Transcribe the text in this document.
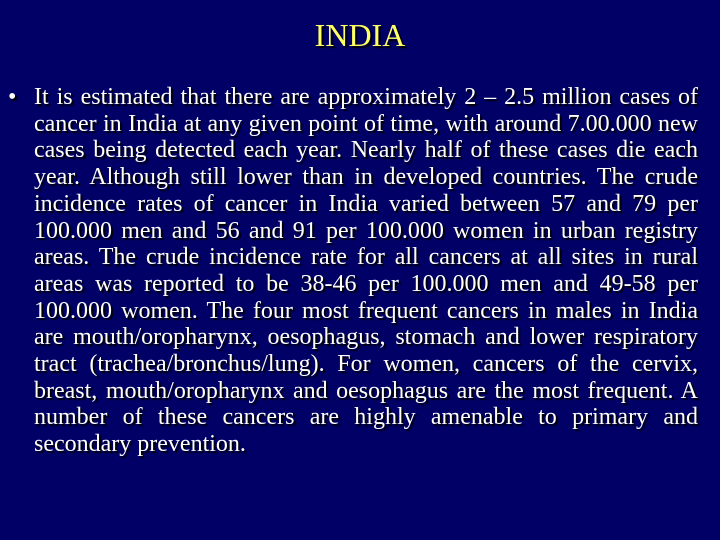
INDIA
• It is estimated that there are approximately 2 – 2.5 million cases of cancer in India at any given point of time, with around 7.00.000 new cases being detected each year. Nearly half of these cases die each year. Although still lower than in developed countries. The crude incidence rates of cancer in India varied between 57 and 79 per 100.000 men and 56 and 91 per 100.000 women in urban registry areas. The crude incidence rate for all cancers at all sites in rural areas was reported to be 38-46 per 100.000 men and 49-58 per 100.000 women. The four most frequent cancers in males in India are mouth/oropharynx, oesophagus, stomach and lower respiratory tract (trachea/bronchus/lung). For women, cancers of the cervix, breast, mouth/oropharynx and oesophagus are the most frequent. A number of these cancers are highly amenable to primary and secondary prevention.
